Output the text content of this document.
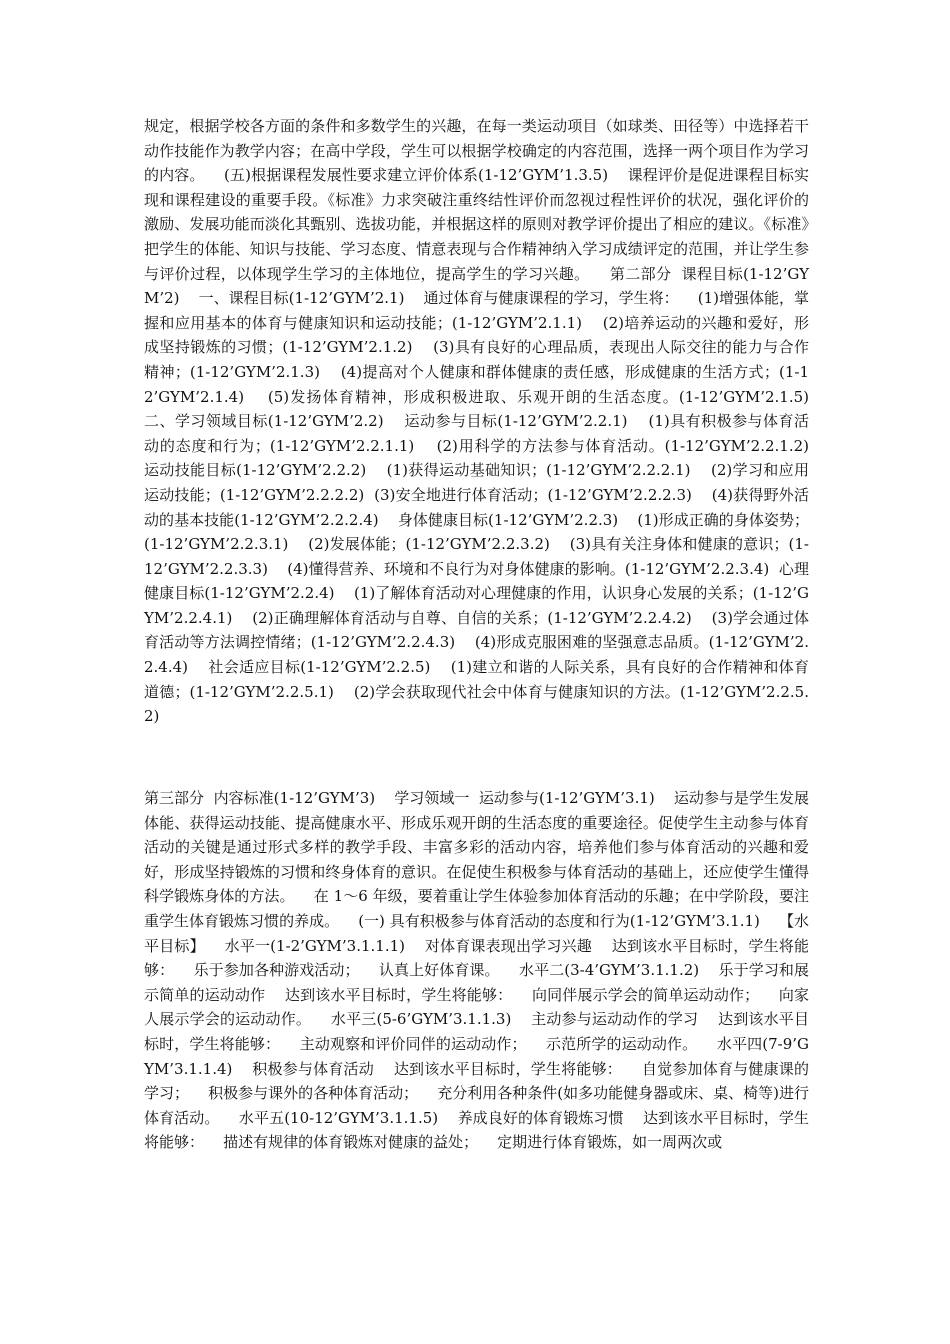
规定，根据学校各方面的条件和多数学生的兴趣，在每一类运动项目（如球类、田径等）中选择若干动作技能作为教学内容；在高中学段，学生可以根据学校确定的内容范围，选择一两个项目作为学习的内容。    (五)根据课程发展性要求建立评价体系(1-12’GYM’1.3.5)    课程评价是促进课程目标实现和课程建设的重要手段。《标准》力求突破注重终结性评价而忽视过程性评价的状况，强化评价的激励、发展功能而淡化其甄别、选拔功能，并根据这样的原则对教学评价提出了相应的建议。《标准》把学生的体能、知识与技能、学习态度、情意表现与合作精神纳入学习成绩评定的范围，并让学生参与评价过程，以体现学生学习的主体地位，提高学生的学习兴趣。    第二部分  课程目标(1-12’GYM’2)    一、课程目标(1-12’GYM’2.1)    通过体育与健康课程的学习，学生将：    (1)增强体能，掌握和应用基本的体育与健康知识和运动技能；(1-12’GYM’2.1.1)    (2)培养运动的兴趣和爱好，形成坚持锻炼的习惯；(1-12’GYM’2.1.2)    (3)具有良好的心理品质，表现出人际交往的能力与合作精神；(1-12’GYM’2.1.3)    (4)提高对个人健康和群体健康的责任感，形成健康的生活方式；(1-12’GYM’2.1.4)    (5)发扬体育精神，形成积极进取、乐观开朗的生活态度。(1-12’GYM’2.1.5)    二、学习领域目标(1-12’GYM’2.2)    运动参与目标(1-12’GYM’2.2.1)    (1)具有积极参与体育活动的态度和行为；(1-12’GYM’2.2.1.1)    (2)用科学的方法参与体育活动。(1-12’GYM’2.2.1.2)    运动技能目标(1-12’GYM’2.2.2)    (1)获得运动基础知识；(1-12’GYM’2.2.2.1)    (2)学习和应用运动技能；(1-12’GYM’2.2.2.2)  (3)安全地进行体育活动；(1-12’GYM’2.2.2.3)    (4)获得野外活动的基本技能(1-12’GYM’2.2.2.4)    身体健康目标(1-12’GYM’2.2.3)    (1)形成正确的身体姿势；(1-12’GYM’2.2.3.1)    (2)发展体能；(1-12’GYM’2.2.3.2)    (3)具有关注身体和健康的意识；(1-12’GYM’2.2.3.3)    (4)懂得营养、环境和不良行为对身体健康的影响。(1-12’GYM’2.2.3.4)  心理健康目标(1-12’GYM’2.2.4)    (1)了解体育活动对心理健康的作用，认识身心发展的关系；(1-12’GYM’2.2.4.1)    (2)正确理解体育活动与自尊、自信的关系；(1-12’GYM’2.2.4.2)    (3)学会通过体育活动等方法调控情绪；(1-12’GYM’2.2.4.3)    (4)形成克服困难的坚强意志品质。(1-12’GYM’2.2.4.4)    社会适应目标(1-12’GYM’2.2.5)    (1)建立和谐的人际关系，具有良好的合作精神和体育道德；(1-12’GYM’2.2.5.1)    (2)学会获取现代社会中体育与健康知识的方法。(1-12’GYM’2.2.5.2)

第三部分  内容标准(1-12’GYM’3)    学习领域一  运动参与(1-12’GYM’3.1)    运动参与是学生发展体能、获得运动技能、提高健康水平、形成乐观开朗的生活态度的重要途径。促使学生主动参与体育活动的关键是通过形式多样的教学手段、丰富多彩的活动内容，培养他们参与体育活动的兴趣和爱好，形成坚持锻炼的习惯和终身体育的意识。在促使生积极参与体育活动的基础上，还应使学生懂得科学锻炼身体的方法。    在 1～6 年级，要着重让学生体验参加体育活动的乐趣；在中学阶段，要注重学生体育锻炼习惯的养成。    (一) 具有积极参与体育活动的态度和行为(1-12’GYM’3.1.1)    【水平目标】    水平一(1-2’GYM’3.1.1.1)    对体育课表现出学习兴趣    达到该水平目标时，学生将能够：    乐于参加各种游戏活动；    认真上好体育课。    水平二(3-4’GYM’3.1.1.2)    乐于学习和展示简单的运动动作    达到该水平目标时，学生将能够：    向同伴展示学会的简单运动动作；    向家人展示学会的运动动作。    水平三(5-6’GYM’3.1.1.3)    主动参与运动动作的学习    达到该水平目标时，学生将能够：    主动观察和评价同伴的运动动作；    示范所学的运动动作。    水平四(7-9’GYM’3.1.1.4)    积极参与体育活动    达到该水平目标时，学生将能够：    自觉参加体育与健康课的学习；    积极参与课外的各种体育活动；    充分利用各种条件(如多功能健身器或床、桌、椅等)进行体育活动。    水平五(10-12’GYM’3.1.1.5)    养成良好的体育锻炼习惯    达到该水平目标时，学生将能够：    描述有规律的体育锻炼对健康的益处；    定期进行体育锻炼，如一周两次或
